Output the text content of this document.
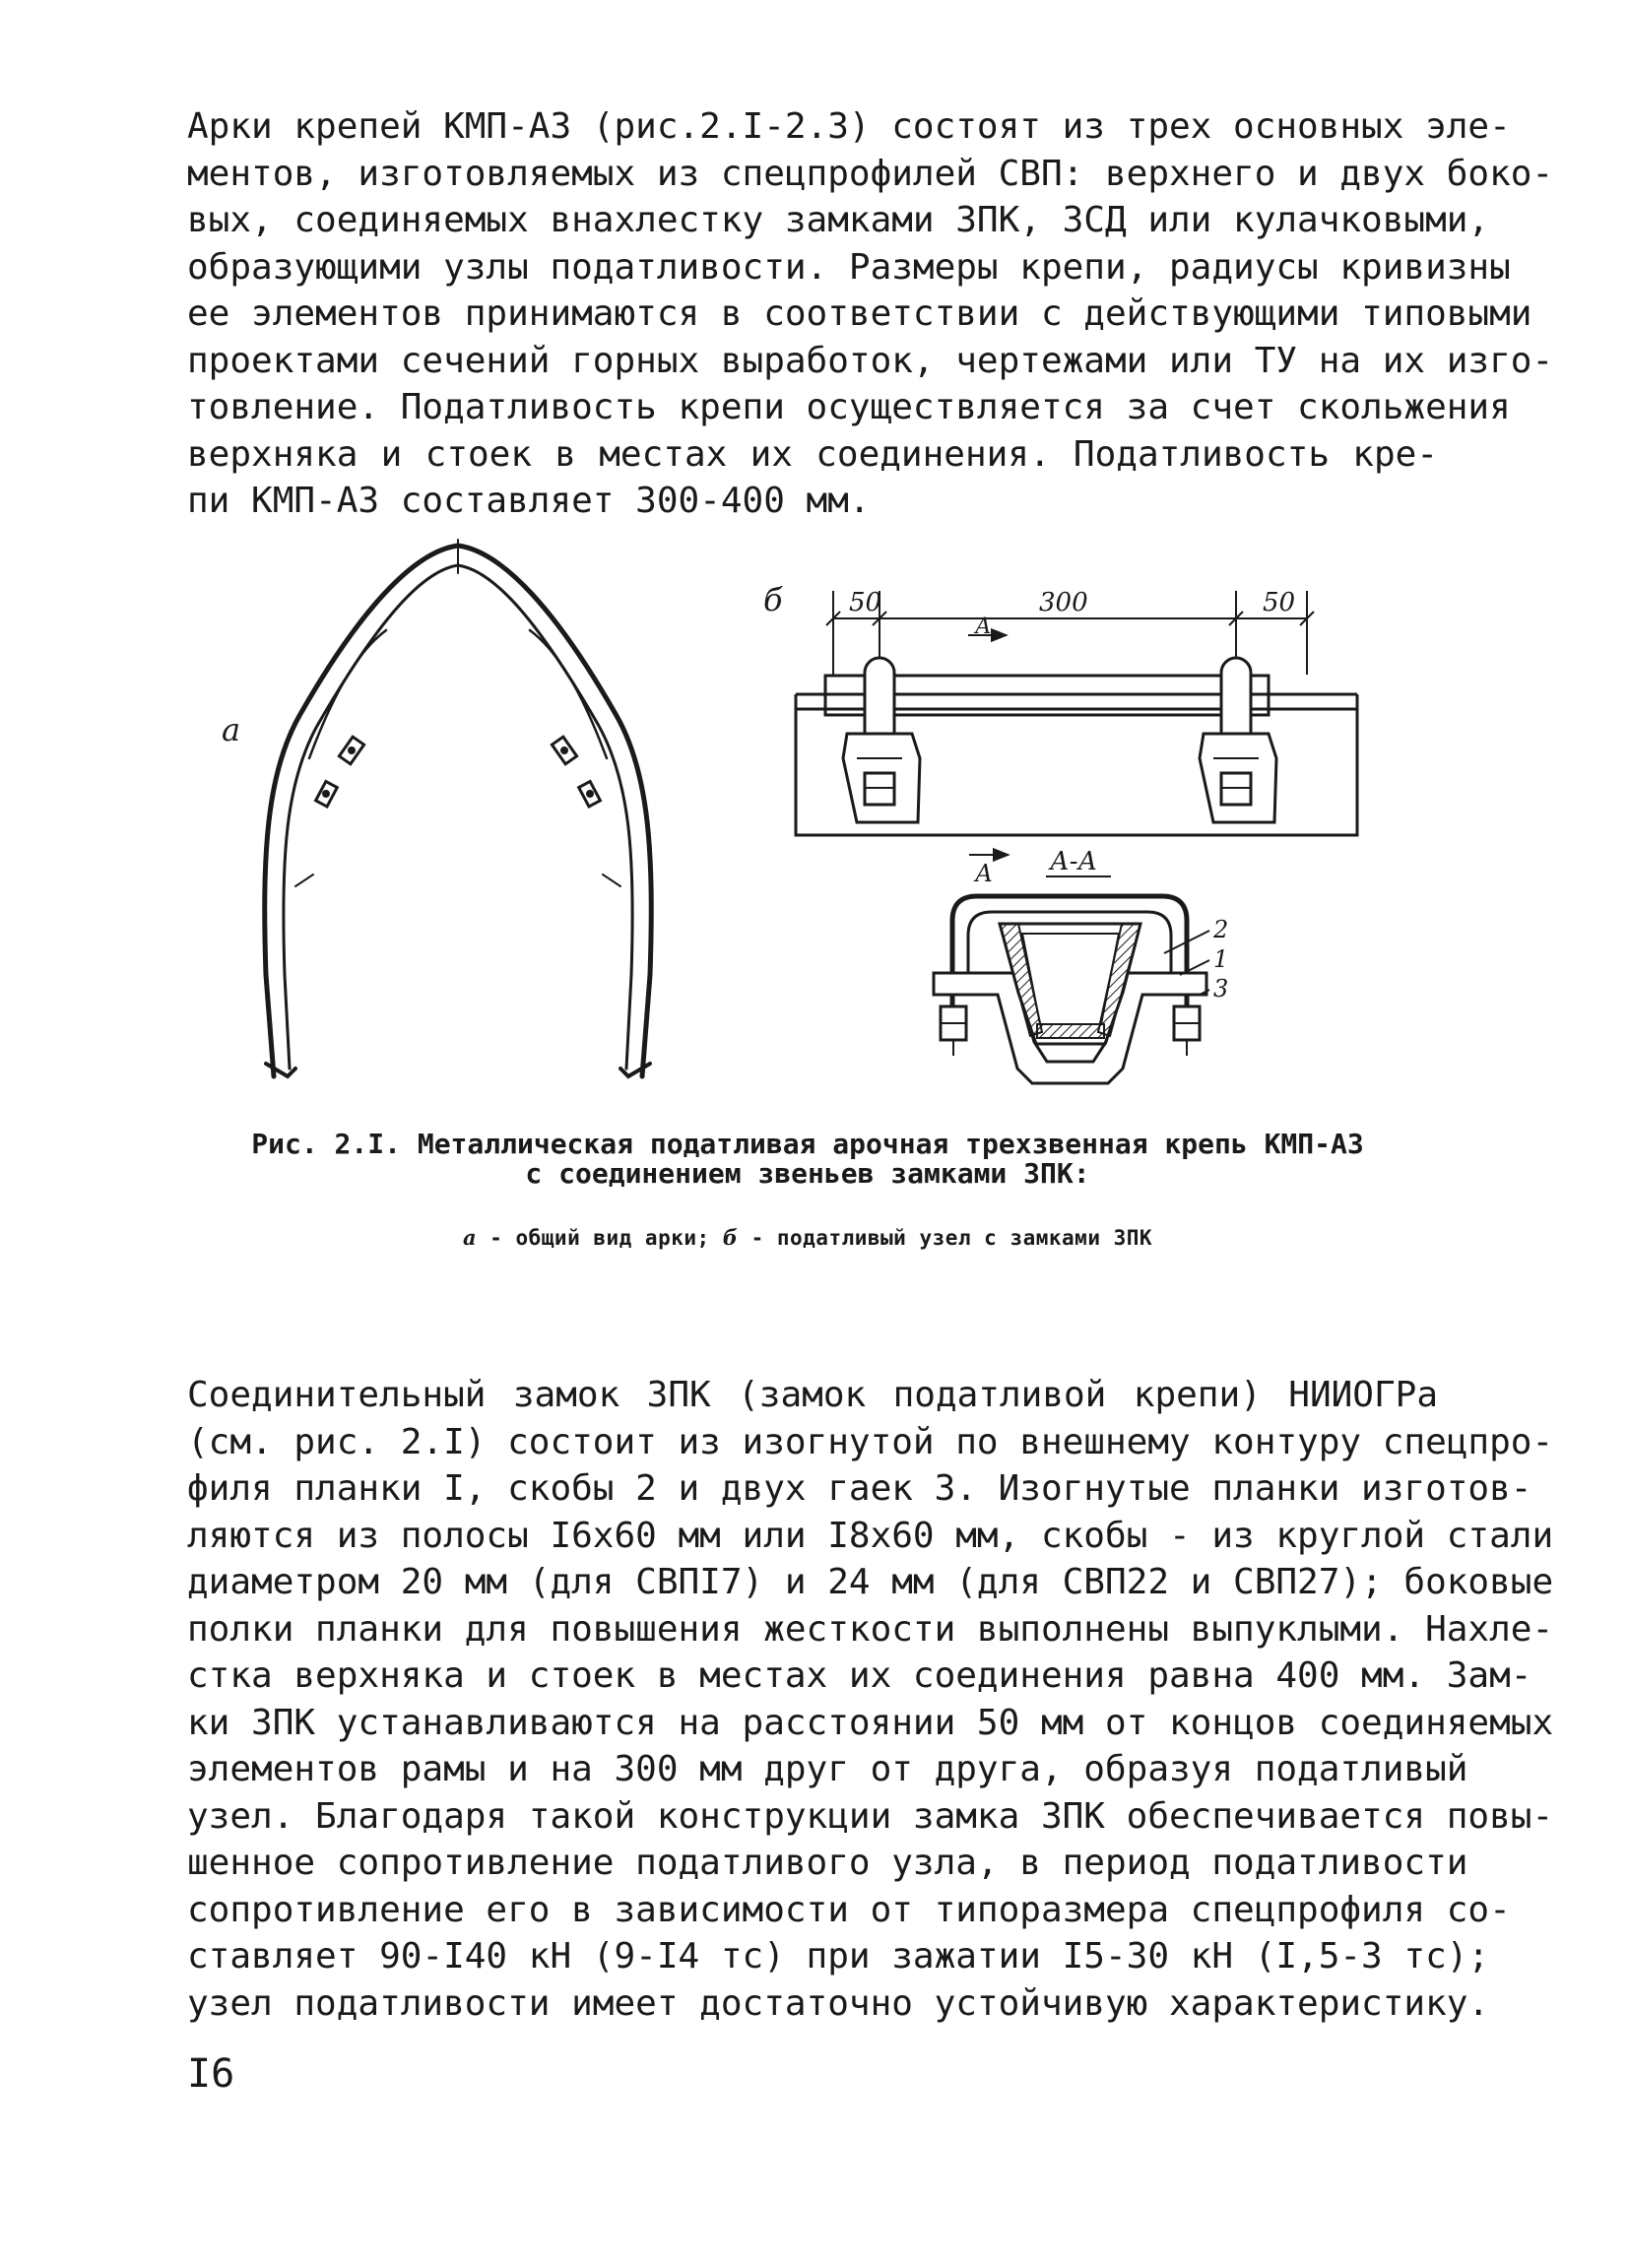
Арки крепей КМП-АЗ (рис.2.I-2.3) состоят из трех основных эле-
ментов, изготовляемых из спецпрофилей СВП: верхнего и двух боко-
вых, соединяемых внахлестку замками ЗПК, ЗСД или кулачковыми,
образующими узлы податливости. Размеры крепи, радиусы кривизны
ее элементов принимаются в соответствии с действующими типовыми
проектами сечений горных выработок, чертежами или ТУ на их изго-
товление. Податливость крепи осуществляется за счет скольжения
верхняка и стоек в местах их соединения. Податливость кре-
пи КМП-АЗ составляет 300-400 мм.
а
б	50	300	50
А
А А-А
2
1
3
Рис. 2.I. Металлическая податливая арочная трехзвенная крепь КМП-АЗ
с соединением звеньев замками ЗПК:
а - общий вид арки; б - податливый узел с замками ЗПК
Соединительный замок ЗПК (замок податливой крепи) НИИОГРа
(см. рис. 2.I) состоит из изогнутой по внешнему контуру спецпро-
филя планки I, скобы 2 и двух гаек 3. Изогнутые планки изготов-
ляются из полосы I6x60 мм или I8x60 мм, скобы - из круглой стали
диаметром 20 мм (для СВПI7) и 24 мм (для СВП22 и СВП27); боковые
полки планки для повышения жесткости выполнены выпуклыми. Нахле-
стка верхняка и стоек в местах их соединения равна 400 мм. Зам-
ки ЗПК устанавливаются на расстоянии 50 мм от концов соединяемых
элементов рамы и на 300 мм друг от друга, образуя податливый
узел. Благодаря такой конструкции замка ЗПК обеспечивается повы-
шенное сопротивление податливого узла, в период податливости
сопротивление его в зависимости от типоразмера спецпрофиля со-
ставляет 90-I40 кН (9-I4 тс) при зажатии I5-30 кН (I,5-3 тс);
узел податливости имеет достаточно устойчивую характеристику.
I6
